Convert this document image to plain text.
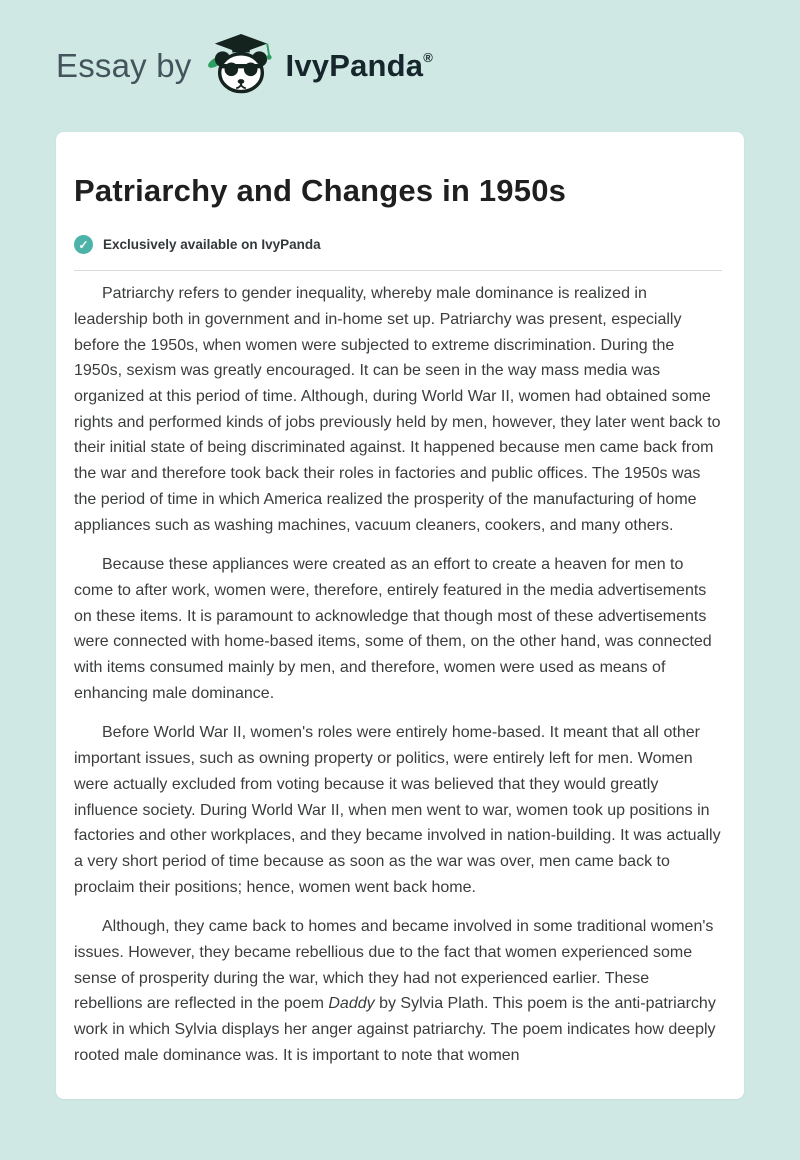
Essay by	IvyPanda®
Patriarchy and Changes in 1950s
✓	Exclusively available on IvyPanda

Patriarchy refers to gender inequality, whereby male dominance is realized in leadership both in government and in-home set up. Patriarchy was present, especially before the 1950s, when women were subjected to extreme discrimination. During the 1950s, sexism was greatly encouraged. It can be seen in the way mass media was organized at this period of time. Although, during World War II, women had obtained some rights and performed kinds of jobs previously held by men, however, they later went back to their initial state of being discriminated against. It happened because men came back from the war and therefore took back their roles in factories and public offices. The 1950s was the period of time in which America realized the prosperity of the manufacturing of home appliances such as washing machines, vacuum cleaners, cookers, and many others.

Because these appliances were created as an effort to create a heaven for men to come to after work, women were, therefore, entirely featured in the media advertisements on these items. It is paramount to acknowledge that though most of these advertisements were connected with home-based items, some of them, on the other hand, was connected with items consumed mainly by men, and therefore, women were used as means of enhancing male dominance.

Before World War II, women's roles were entirely home-based. It meant that all other important issues, such as owning property or politics, were entirely left for men. Women were actually excluded from voting because it was believed that they would greatly influence society. During World War II, when men went to war, women took up positions in factories and other workplaces, and they became involved in nation-building. It was actually a very short period of time because as soon as the war was over, men came back to proclaim their positions; hence, women went back home.

Although, they came back to homes and became involved in some traditional women's issues. However, they became rebellious due to the fact that women experienced some sense of prosperity during the war, which they had not experienced earlier. These rebellions are reflected in the poem Daddy by Sylvia Plath. This poem is the anti-patriarchy work in which Sylvia displays her anger against patriarchy. The poem indicates how deeply rooted male dominance was. It is important to note that women
